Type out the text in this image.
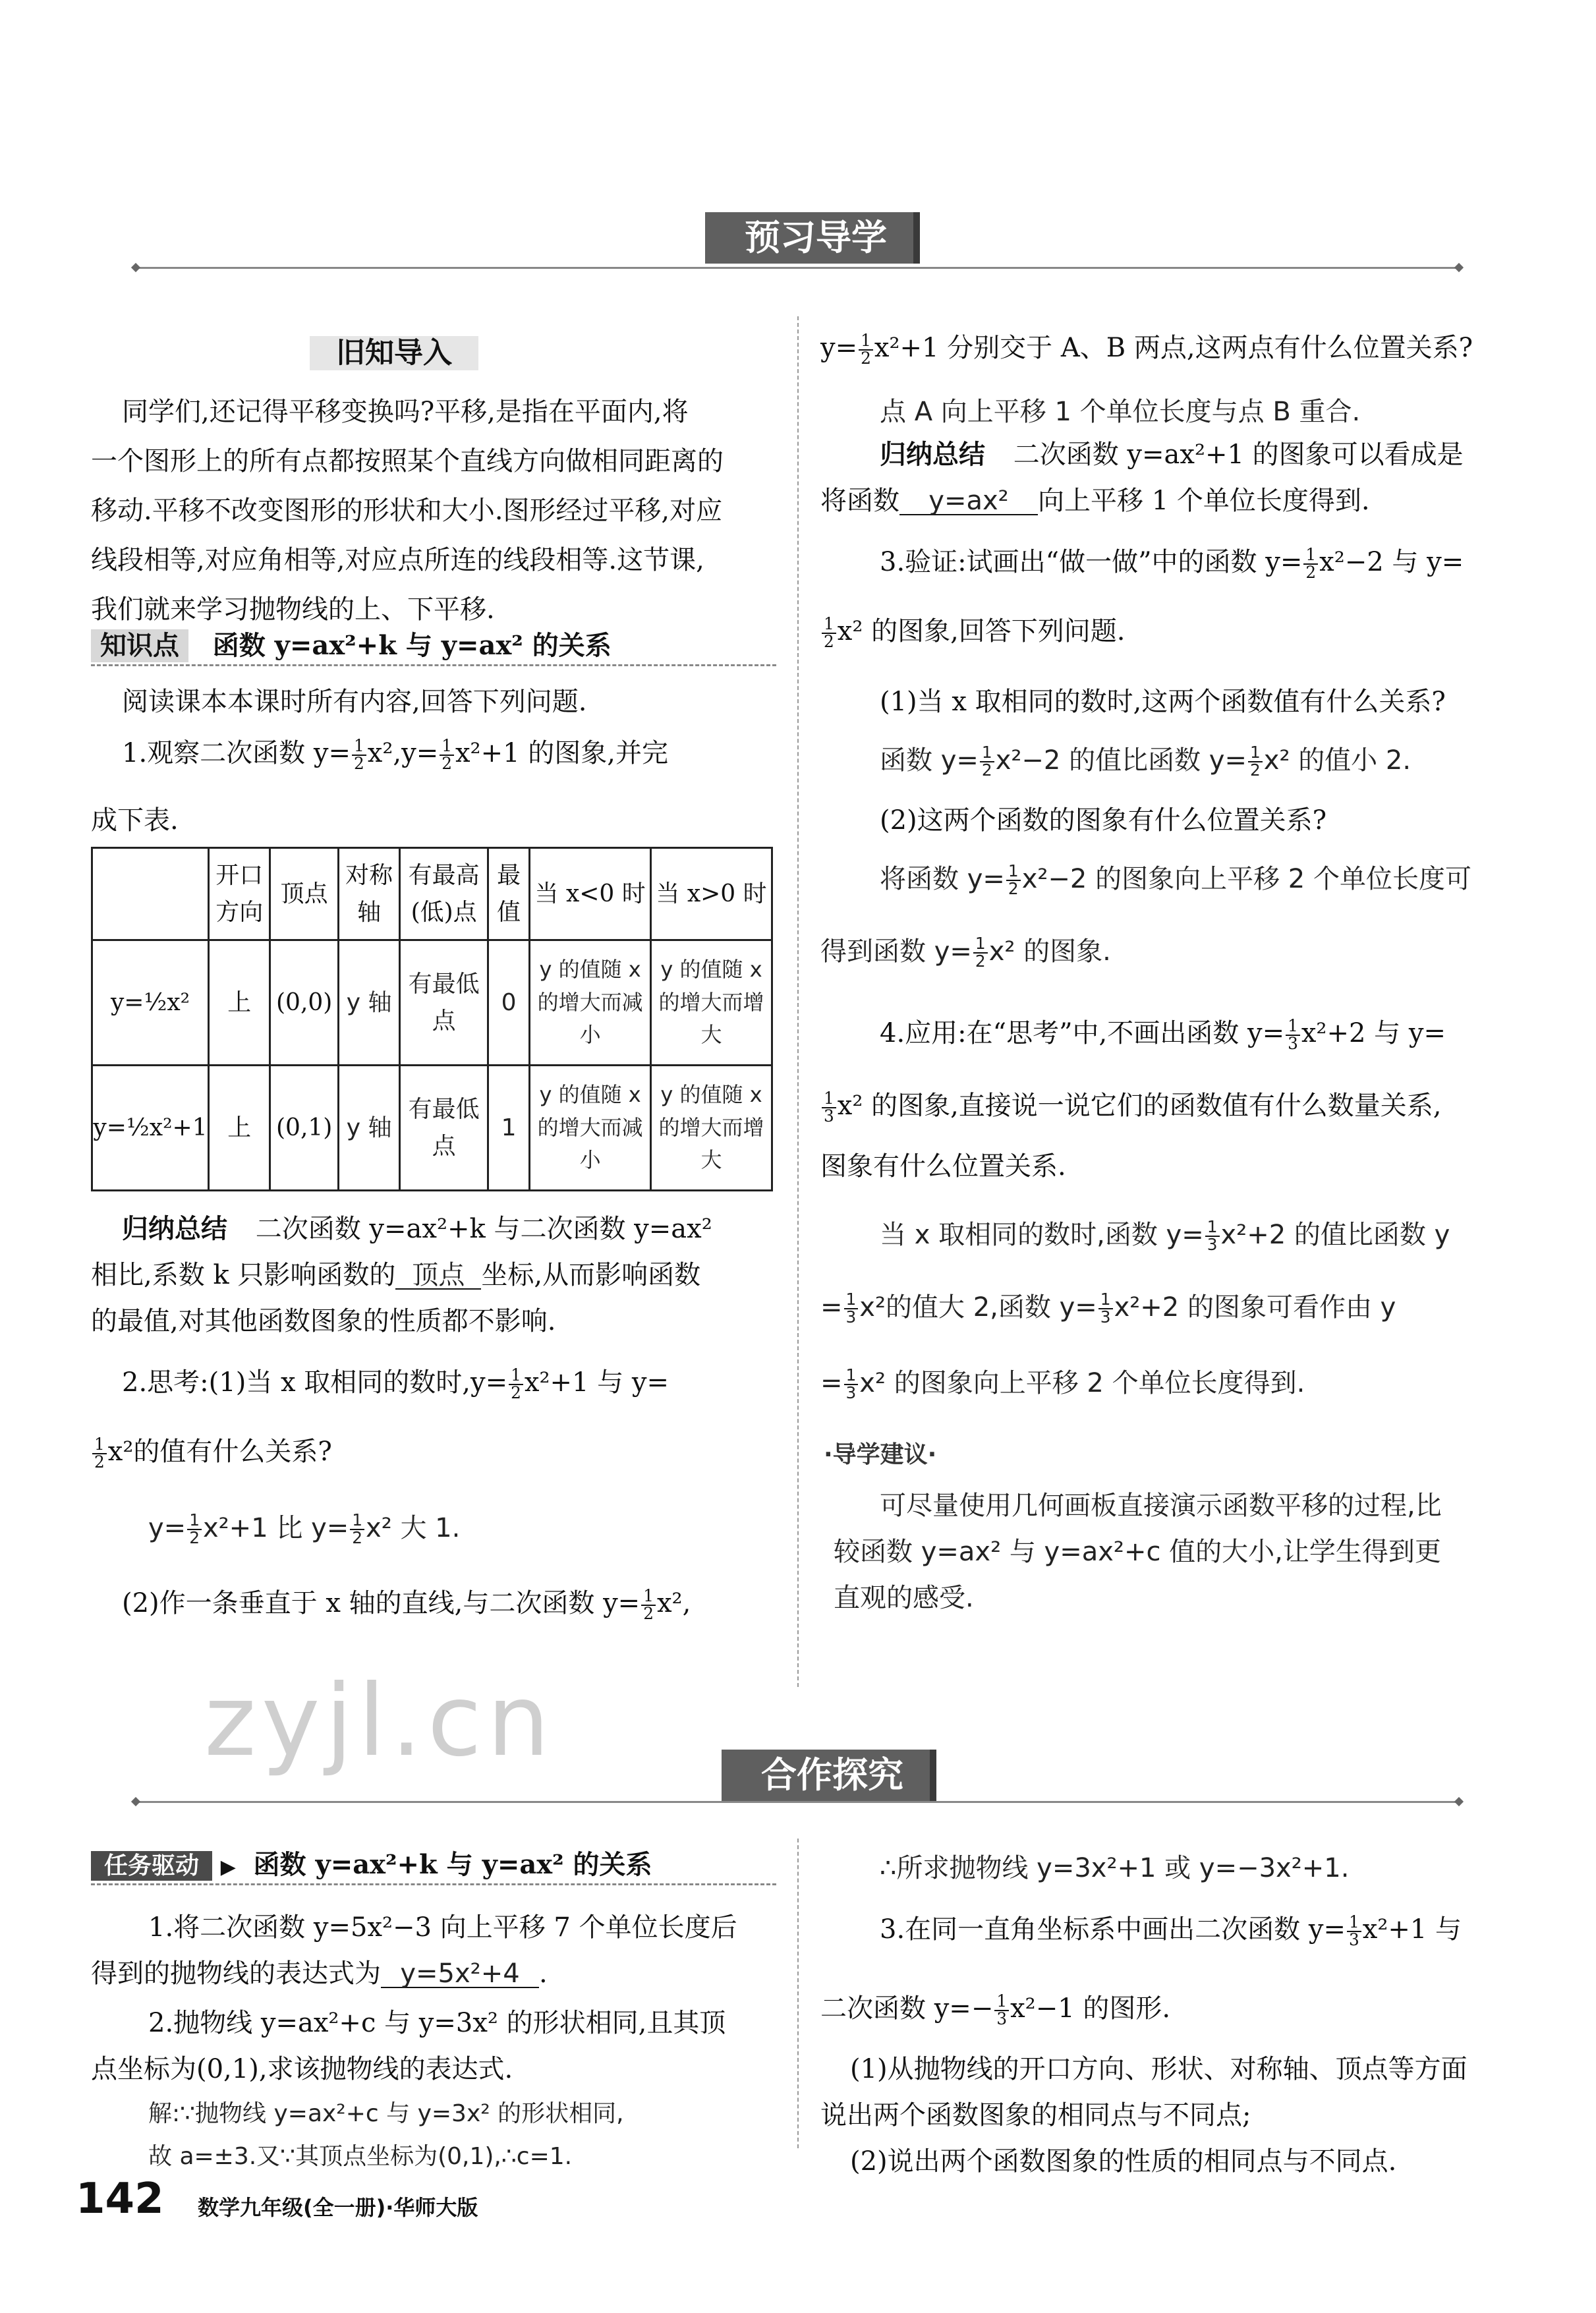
预习导学
旧知导入
同学们,还记得平移变换吗?平移,是指在平面内,将
一个图形上的所有点都按照某个直线方向做相同距离的
移动.平移不改变图形的形状和大小.图形经过平移,对应
线段相等,对应角相等,对应点所连的线段相等.这节课,
我们就来学习抛物线的上、下平移.
知识点 函数 y=ax²+k 与 y=ax² 的关系
阅读课本本课时所有内容,回答下列问题.
1.观察二次函数 $y= \frac{1}{2} x^2,y= \frac{1}{2} x^2+1$ 的图象,并完
成下表.
	开口方向	顶点	对称轴	有最高(低)点	最值	当 x<0 时	当 x>0 时
y=½x²	上	(0,0)	y 轴	有最低点	0	y 的值随 x 的增大而减小	y 的值随 x 的增大而增大
y=½x²+1	上	(0,1)	y 轴	有最低点	1	y 的值随 x 的增大而减小	y 的值随 x 的增大而增大
归纳总结 二次函数 y=ax²+k 与二次函数 y=ax²
相比,系数 k 只影响函数的 顶点 坐标,从而影响函数
的最值,对其他函数图象的性质都不影响.
2.思考:(1)当 x 取相同的数时$,y= \frac{1}{2} x^2+1$ 与 y=
$\frac{1}{2} x^2$的值有什么关系?
$y= \frac{1}{2} x^2+1$ 比 $y= \frac{1}{2} x^2$ 大 1.
(2)作一条垂直于 x 轴的直线,与二次函数 $y= \frac{1}{2} x^2$,
$y= \frac{1}{2} x^2+1$ 分别交于 A、B 两点,这两点有什么位置关系?
点 A 向上平移 1 个单位长度与点 B 重合.
归纳总结 二次函数 y=ax²+1 的图象可以看成是
将函数 y=ax² 向上平移 1 个单位长度得到.
3.验证:试画出“做一做”中的函数 $y= \frac{1}{2} x^2-2$ 与 y=
$\frac{1}{2} x^2$ 的图象,回答下列问题.
(1)当 x 取相同的数时,这两个函数值有什么关系?
函数 $y= \frac{1}{2} x^2-2$ 的值比函数 $y= \frac{1}{2} x^2$ 的值小 2.
(2)这两个函数的图象有什么位置关系?
将函数 $y= \frac{1}{2} x^2-2$ 的图象向上平移 2 个单位长度可
得到函数 $y= \frac{1}{2} x^2$ 的图象.
4.应用:在“思考”中,不画出函数 $y= \frac{1}{3} x^2+2$ 与 y=
$\frac{1}{3} x^2$ 的图象,直接说一说它们的函数值有什么数量关系,
图象有什么位置关系.
当 x 取相同的数时,函数 $y= \frac{1}{3} x^2+2$ 的值比函数 y
= $\frac{1}{3} x^2$的值大 2,函数 $y= \frac{1}{3} x^2+2$ 的图象可看作由 y
= $\frac{1}{3} x^2$ 的图象向上平移 2 个单位长度得到.
·导学建议·
可尽量使用几何画板直接演示函数平移的过程,比
较函数 y=ax² 与 y=ax²+c 值的大小,让学生得到更
直观的感受.
zyjl.cn	合作探究
任务驱动 ▶ 函数 y=ax²+k 与 y=ax² 的关系
1.将二次函数 y=5x²−3 向上平移 7 个单位长度后
得到的抛物线的表达式为 y=5x²+4 .
2.抛物线 y=ax²+c 与 y=3x² 的形状相同,且其顶
点坐标为(0,1),求该抛物线的表达式.
解:∵抛物线 y=ax²+c 与 y=3x² 的形状相同,
故 a=±3.又∵其顶点坐标为(0,1),∴c=1.
∴所求抛物线 y=3x²+1 或 y=−3x²+1.
3.在同一直角坐标系中画出二次函数 $y= \frac{1}{3} x^2+1$ 与
二次函数 $y=- \frac{1}{3} x^2-1$ 的图形.
(1)从抛物线的开口方向、形状、对称轴、顶点等方面
说出两个函数图象的相同点与不同点;
(2)说出两个函数图象的性质的相同点与不同点.
142 数学九年级(全一册)·华师大版
